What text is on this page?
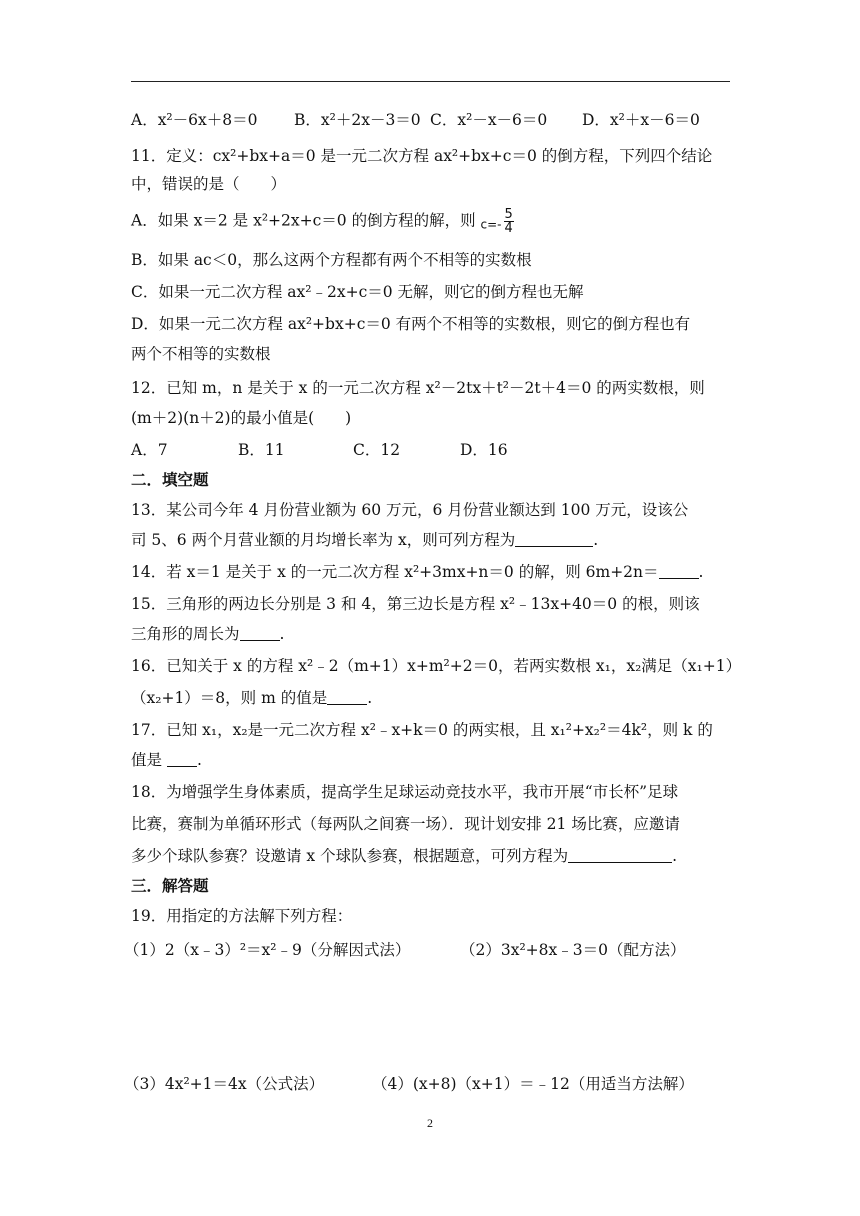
A．x²－6x＋8＝0 B．x²＋2x－3＝0 C．x²－x－6＝0 D．x²＋x－6＝0
11．定义：cx²+bx+a＝0 是一元二次方程 ax²+bx+c＝0 的倒方程，下列四个结论
中，错误的是（　　）
A．如果 x＝2 是 x²+2x+c＝0 的倒方程的解，则 $c=- \frac{5}{4}$
B．如果 ac＜0，那么这两个方程都有两个不相等的实数根
C．如果一元二次方程 ax²﹣2x+c＝0 无解，则它的倒方程也无解
D．如果一元二次方程 ax²+bx+c＝0 有两个不相等的实数根，则它的倒方程也有
两个不相等的实数根
12．已知 m，n 是关于 x 的一元二次方程 x²－2tx＋t²－2t＋4＝0 的两实数根，则
(m＋2)(n＋2)的最小值是(　　)
A．7	B．11	C．12	D．16
二．填空题
13．某公司今年 4 月份营业额为 60 万元，6 月份营业额达到 100 万元，设该公
司 5、6 两个月营业额的月均增长率为 x，则可列方程为	.
14．若 x＝1 是关于 x 的一元二次方程 x²+3mx+n＝0 的解，则 6m+2n＝	.
15．三角形的两边长分别是 3 和 4，第三边长是方程 x²﹣13x+40＝0 的根，则该
三角形的周长为	.
16．已知关于 x 的方程 x²﹣2（m+1）x+m²+2＝0，若两实数根 x₁，x₂满足（x₁+1）
（x₂+1）＝8，则 m 的值是	.
17．已知 x₁，x₂是一元二次方程 x²﹣x+k＝0 的两实根，且 x₁²+x₂²＝4k²，则 k 的
值是 .
18．为增强学生身体素质，提高学生足球运动竞技水平，我市开展“市长杯”足球
比赛，赛制为单循环形式（每两队之间赛一场）．现计划安排 21 场比赛，应邀请
多少个球队参赛？设邀请 x 个球队参赛，根据题意，可列方程为	.
三．解答题
19．用指定的方法解下列方程：
（1）2（x﹣3）²＝x²﹣9（分解因式法）	（2）3x²+8x﹣3＝0（配方法）
（3）4x²+1＝4x（公式法）	（4）(x+8)（x+1）＝﹣12（用适当方法解）
2
